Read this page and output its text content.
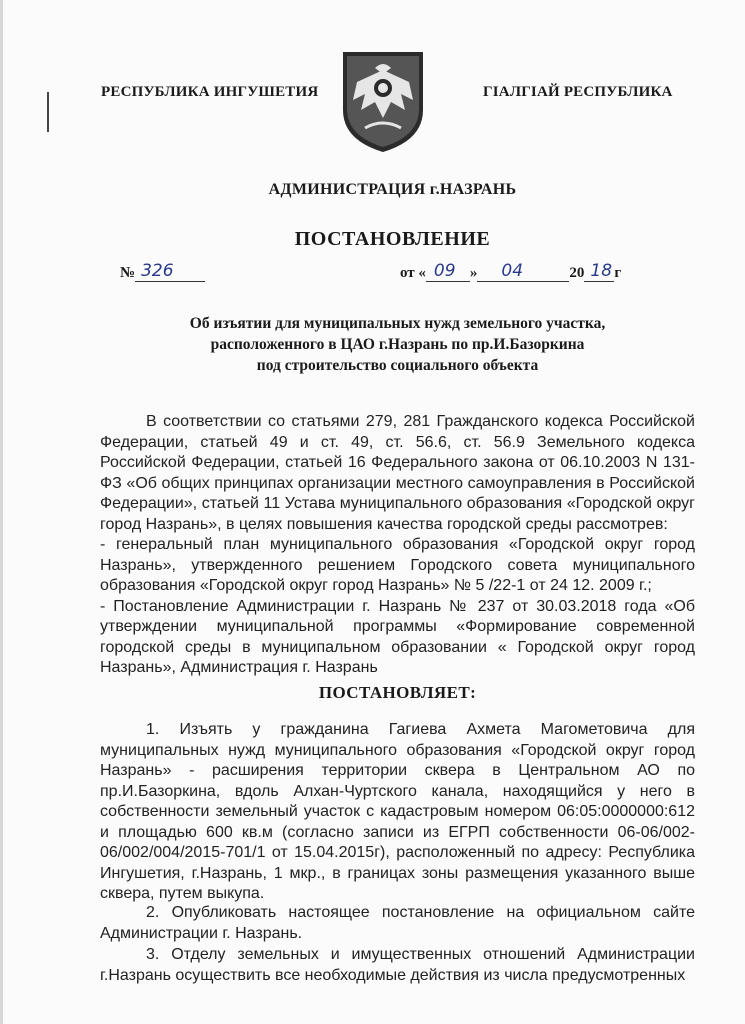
РЕСПУБЛИКА ИНГУШЕТИЯ	ГIАЛГIАЙ РЕСПУБЛИКА
АДМИНИСТРАЦИЯ г.НАЗРАНЬ
ПОСТАНОВЛЕНИЕ
№ 326	от « 09 » 04	20 18 г
Об изъятии для муниципальных нужд земельного участка,
расположенного в ЦАО г.Назрань по пр.И.Базоркина
под строительство социального объекта
В соответствии со статьями 279, 281 Гражданского кодекса Российской Федерации, статьей 49 и ст. 49, ст. 56.6, ст. 56.9 Земельного кодекса Российской Федерации, статьей 16 Федерального закона от 06.10.2003 N 131-ФЗ «Об общих принципах организации местного самоуправления в Российской Федерации», статьей 11 Устава муниципального образования «Городской округ город Назрань», в целях повышения качества городской среды рассмотрев:
- генеральный план муниципального образования «Городской округ город Назрань», утвержденного решением Городского совета муниципального образования «Городской округ город Назрань» № 5 /22-1 от 24 12. 2009 г.;
- Постановление Администрации г. Назрань № 237 от 30.03.2018 года «Об утверждении муниципальной программы «Формирование современной городской среды в муниципальном образовании « Городской округ город Назрань», Администрация г. Назрань
ПОСТАНОВЛЯЕТ:
1. Изъять у гражданина Гагиева Ахмета Магометовича для муниципальных нужд муниципального образования «Городской округ город Назрань» - расширения территории сквера в Центральном АО по пр.И.Базоркина, вдоль Алхан-Чуртского канала, находящийся у него в собственности земельный участок с кадастровым номером 06:05:0000000:612 и площадью 600 кв.м (согласно записи из ЕГРП собственности 06-06/002-06/002/004/2015-701/1 от 15.04.2015г), расположенный по адресу: Республика Ингушетия, г.Назрань, 1 мкр., в границах зоны размещения указанного выше сквера, путем выкупа.
2. Опубликовать настоящее постановление на официальном сайте Администрации г. Назрань.
3. Отделу земельных и имущественных отношений Администрации г.Назрань осуществить все необходимые действия из числа предусмотренных
